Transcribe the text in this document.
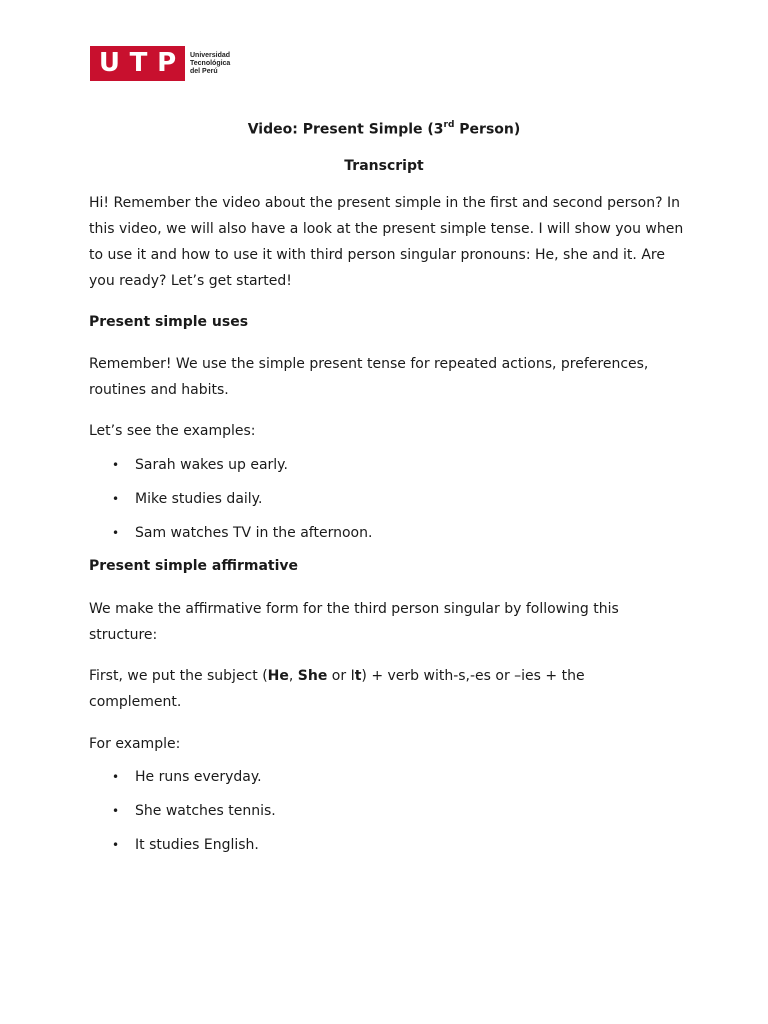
U T P Universidad
Tecnológica
del Perú
Video: Present Simple (3rd Person)
Transcript

Hi! Remember the video about the present simple in the first and second person? In this video, we will also have a look at the present simple tense. I will show you when to use it and how to use it with third person singular pronouns: He, she and it. Are you ready? Let’s get started!

Present simple uses

Remember! We use the simple present tense for repeated actions, preferences, routines and habits.

Let’s see the examples:

• Sarah wakes up early.
• Mike studies daily.
• Sam watches TV in the afternoon.
Present simple affirmative

We make the affirmative form for the third person singular by following this structure:

First, we put the subject (He, She or It) + verb with-s,-es or –ies + the complement.

For example:

• He runs everyday.
• She watches tennis.
• It studies English.
